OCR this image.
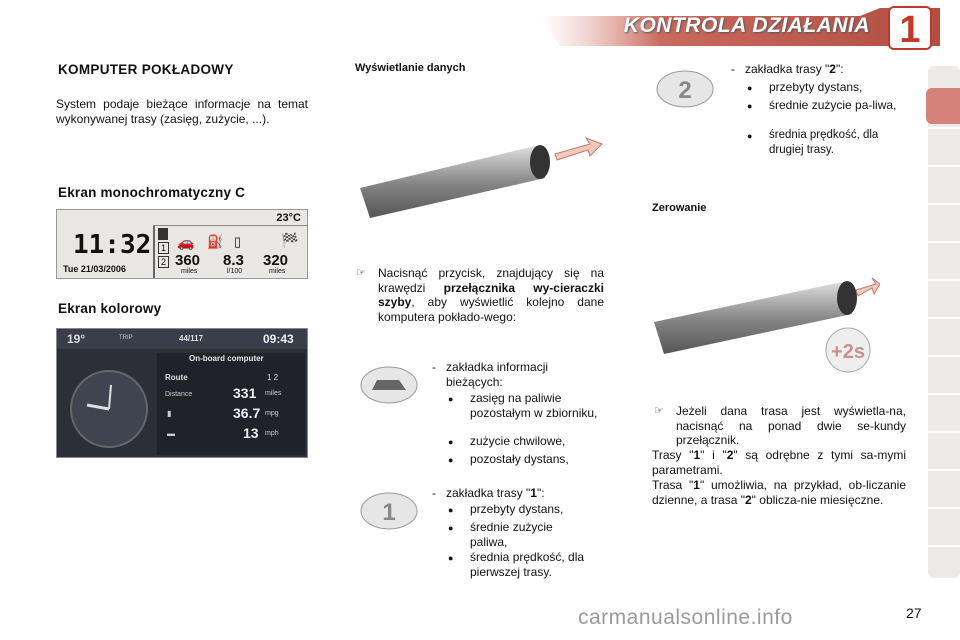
KONTROLA DZIAŁANIA 1
KOMPUTER POKŁADOWY
System podaje bieżące informacje na temat wykonywanej trasy (zasięg, zużycie, ...).
Ekran monochromatyczny C
23°C
11:32
Tue 21/03/2006
1
2
🚗 ⛽ ▯	🏁
360
miles
8.3
l/100
320
miles
Ekran kolorowy
19°	TRIP	44/117	09:43
On-board computer
Route	1 2
Distance	331 miles
▮	36.7 mpg
▬	13 mph
Wyświetlanie danych
☞ Nacisnąć przycisk, znajdujący się na krawędzi przełącznika wy-cieraczki szyby, aby wyświetlić kolejno dane komputera pokłado-wego:
- zakładka informacji bieżących:
● zasięg na paliwie pozostałym w zbiorniku,
● zużycie chwilowe,
● pozostały dystans,
1
- zakładka trasy "1":
● przebyty dystans,
● średnie zużycie paliwa,
● średnia prędkość, dla pierwszej trasy.
2
- zakładka trasy "2":
● przebyty dystans,
● średnie zużycie pa-liwa,
● średnia prędkość, dla drugiej trasy.
Zerowanie
+2s
☞ Jeżeli dana trasa jest wyświetla-na, nacisnąć na ponad dwie se-kundy przełącznik.
Trasy "1" i "2" są odrębne z tymi sa-mymi parametrami.
Trasa "1" umożliwia, na przykład, ob-liczanie dzienne, a trasa "2" oblicza-nie miesięczne.
carmanualsonline.info	27
